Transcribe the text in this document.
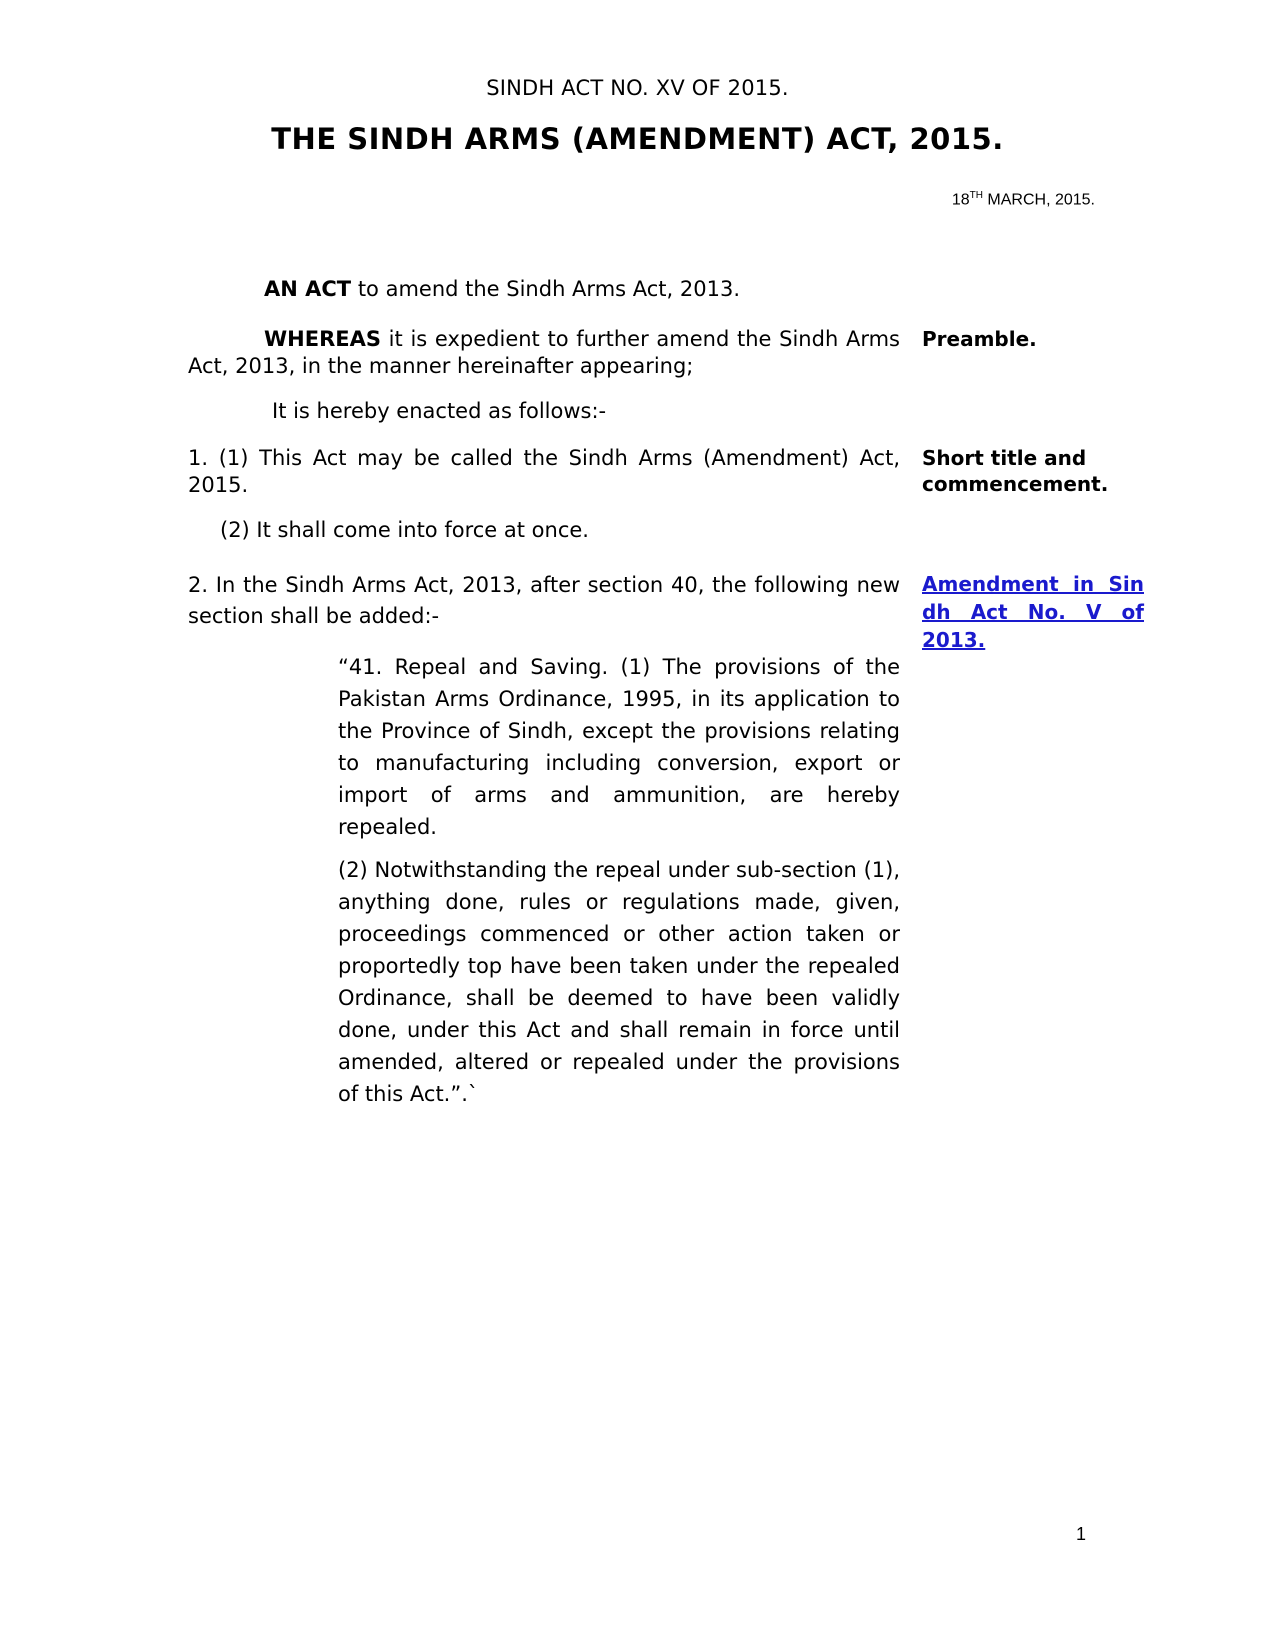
SINDH ACT NO. XV OF 2015.
THE SINDH ARMS (AMENDMENT) ACT, 2015.
18TH MARCH, 2015.
AN ACT to amend the Sindh Arms Act, 2013.
WHEREAS it is expedient to further amend the Sindh Arms Act, 2013, in the manner hereinafter appearing;
Preamble.
It is hereby enacted as follows:-
1. (1) This Act may be called the Sindh Arms (Amendment) Act, 2015.
Short title and
commencement.
(2) It shall come into force at once.
2. In the Sindh Arms Act, 2013, after section 40, the following new section shall be added:-
Amendment in Sin
dh Act No. V of
2013.
“41. Repeal and Saving. (1) The provisions of the Pakistan Arms Ordinance, 1995, in its application to the Province of Sindh, except the provisions relating to manufacturing including conversion, export or import of arms and ammunition, are hereby repealed.
(2) Notwithstanding the repeal under sub-section (1), anything done, rules or regulations made, given, proceedings commenced or other action taken or proportedly top have been taken under the repealed Ordinance, shall be deemed to have been validly done, under this Act and shall remain in force until amended, altered or repealed under the provisions of this Act.”.`
1
